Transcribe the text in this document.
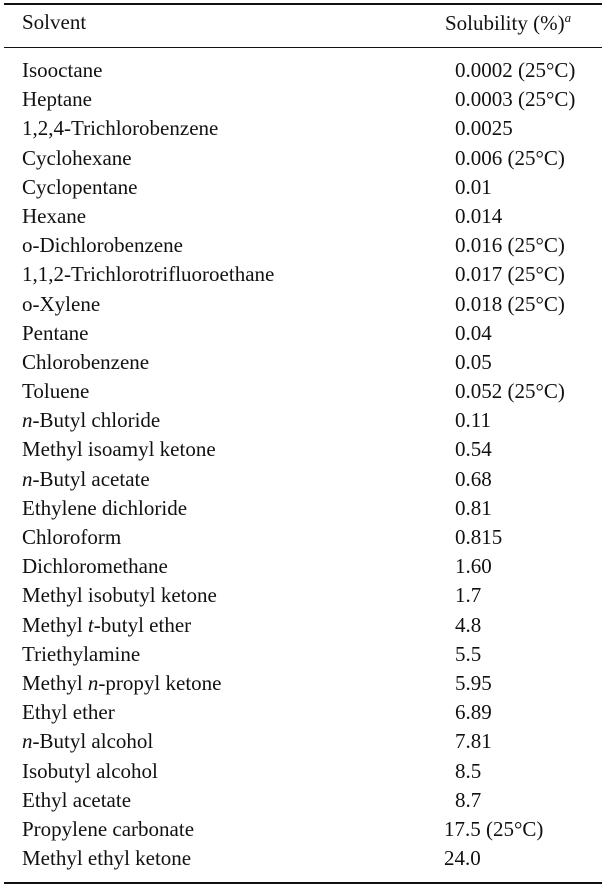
Solvent	Solubility (%)$^a$
Isooctane	0.0002 (25°C)
Heptane	0.0003 (25°C)
1,2,4-Trichlorobenzene	0.0025
Cyclohexane	0.006 (25°C)
Cyclopentane	0.01
Hexane	0.014
o-Dichlorobenzene	0.016 (25°C)
1,1,2-Trichlorotrifluoroethane	0.017 (25°C)
o-Xylene	0.018 (25°C)
Pentane	0.04
Chlorobenzene	0.05
Toluene	0.052 (25°C)
n-Butyl chloride	0.11
Methyl isoamyl ketone	0.54
n-Butyl acetate	0.68
Ethylene dichloride	0.81
Chloroform	0.815
Dichloromethane	1.60
Methyl isobutyl ketone	1.7
Methyl t-butyl ether	4.8
Triethylamine	5.5
Methyl n-propyl ketone	5.95
Ethyl ether	6.89
n-Butyl alcohol	7.81
Isobutyl alcohol	8.5
Ethyl acetate	8.7
Propylene carbonate	17.5 (25°C)
Methyl ethyl ketone	24.0
